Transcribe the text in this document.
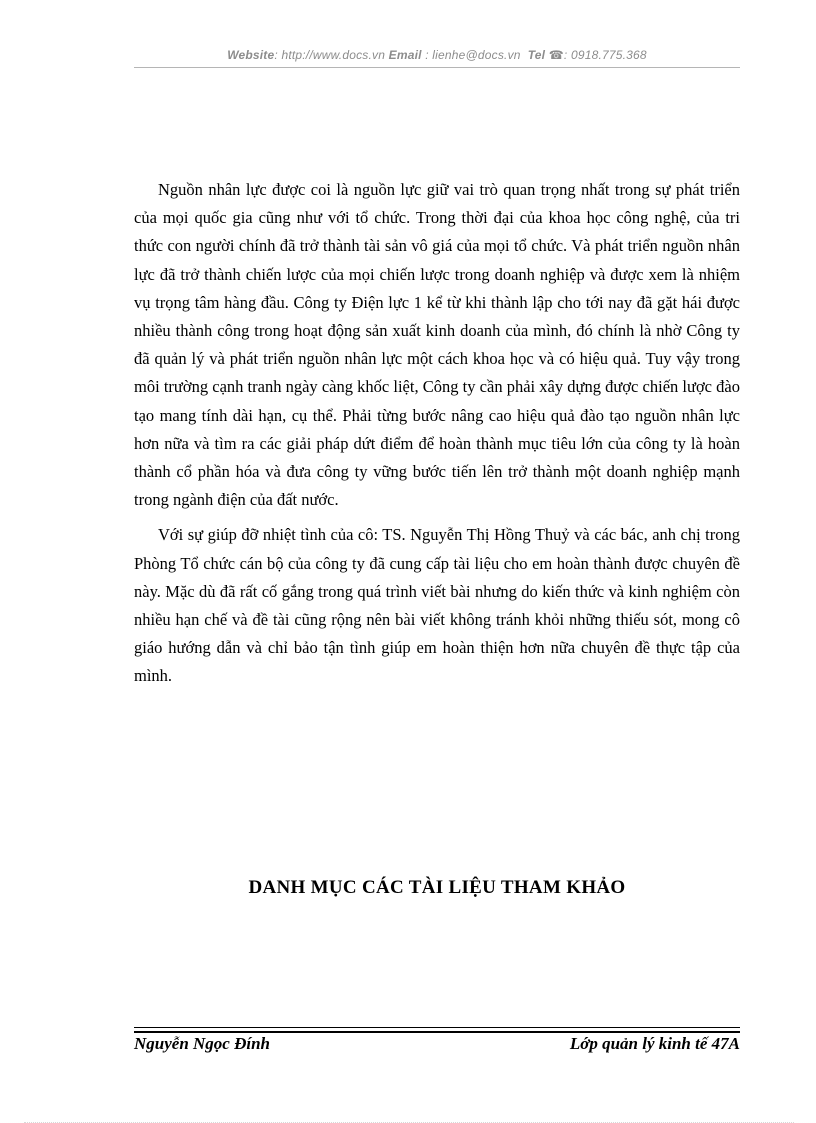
Website: http://www.docs.vn Email : lienhe@docs.vn Tel ☎: 0918.775.368

Nguồn nhân lực được coi là nguồn lực giữ vai trò quan trọng nhất trong sự phát triển của mọi quốc gia cũng như với tổ chức. Trong thời đại của khoa học công nghệ, của tri thức con người chính đã trở thành tài sản vô giá của mọi tổ chức. Và phát triển nguồn nhân lực đã trở thành chiến lược của mọi chiến lược trong doanh nghiệp và được xem là nhiệm vụ trọng tâm hàng đầu. Công ty Điện lực 1 kể từ khi thành lập cho tới nay đã gặt hái được nhiều thành công trong hoạt động sản xuất kinh doanh của mình, đó chính là nhờ Công ty đã quản lý và phát triển nguồn nhân lực một cách khoa học và có hiệu quả. Tuy vậy trong môi trường cạnh tranh ngày càng khốc liệt, Công ty cần phải xây dựng được chiến lược đào tạo mang tính dài hạn, cụ thể. Phải từng bước nâng cao hiệu quả đào tạo nguồn nhân lực hơn nữa và tìm ra các giải pháp dứt điểm để hoàn thành mục tiêu lớn của công ty là hoàn thành cổ phần hóa và đưa công ty vững bước tiến lên trở thành một doanh nghiệp mạnh trong ngành điện của đất nước.

Với sự giúp đỡ nhiệt tình của cô: TS. Nguyễn Thị Hồng Thuỷ và các bác, anh chị trong Phòng Tổ chức cán bộ của công ty đã cung cấp tài liệu cho em hoàn thành được chuyên đề này. Mặc dù đã rất cố gắng trong quá trình viết bài nhưng do kiến thức và kinh nghiệm còn nhiều hạn chế và đề tài cũng rộng nên bài viết không tránh khỏi những thiếu sót, mong cô giáo hướng dẫn và chỉ bảo tận tình giúp em hoàn thiện hơn nữa chuyên đề thực tập của mình.

DANH MỤC CÁC TÀI LIỆU THAM KHẢO
Nguyễn Ngọc Đính	Lớp quản lý kinh tế 47A
